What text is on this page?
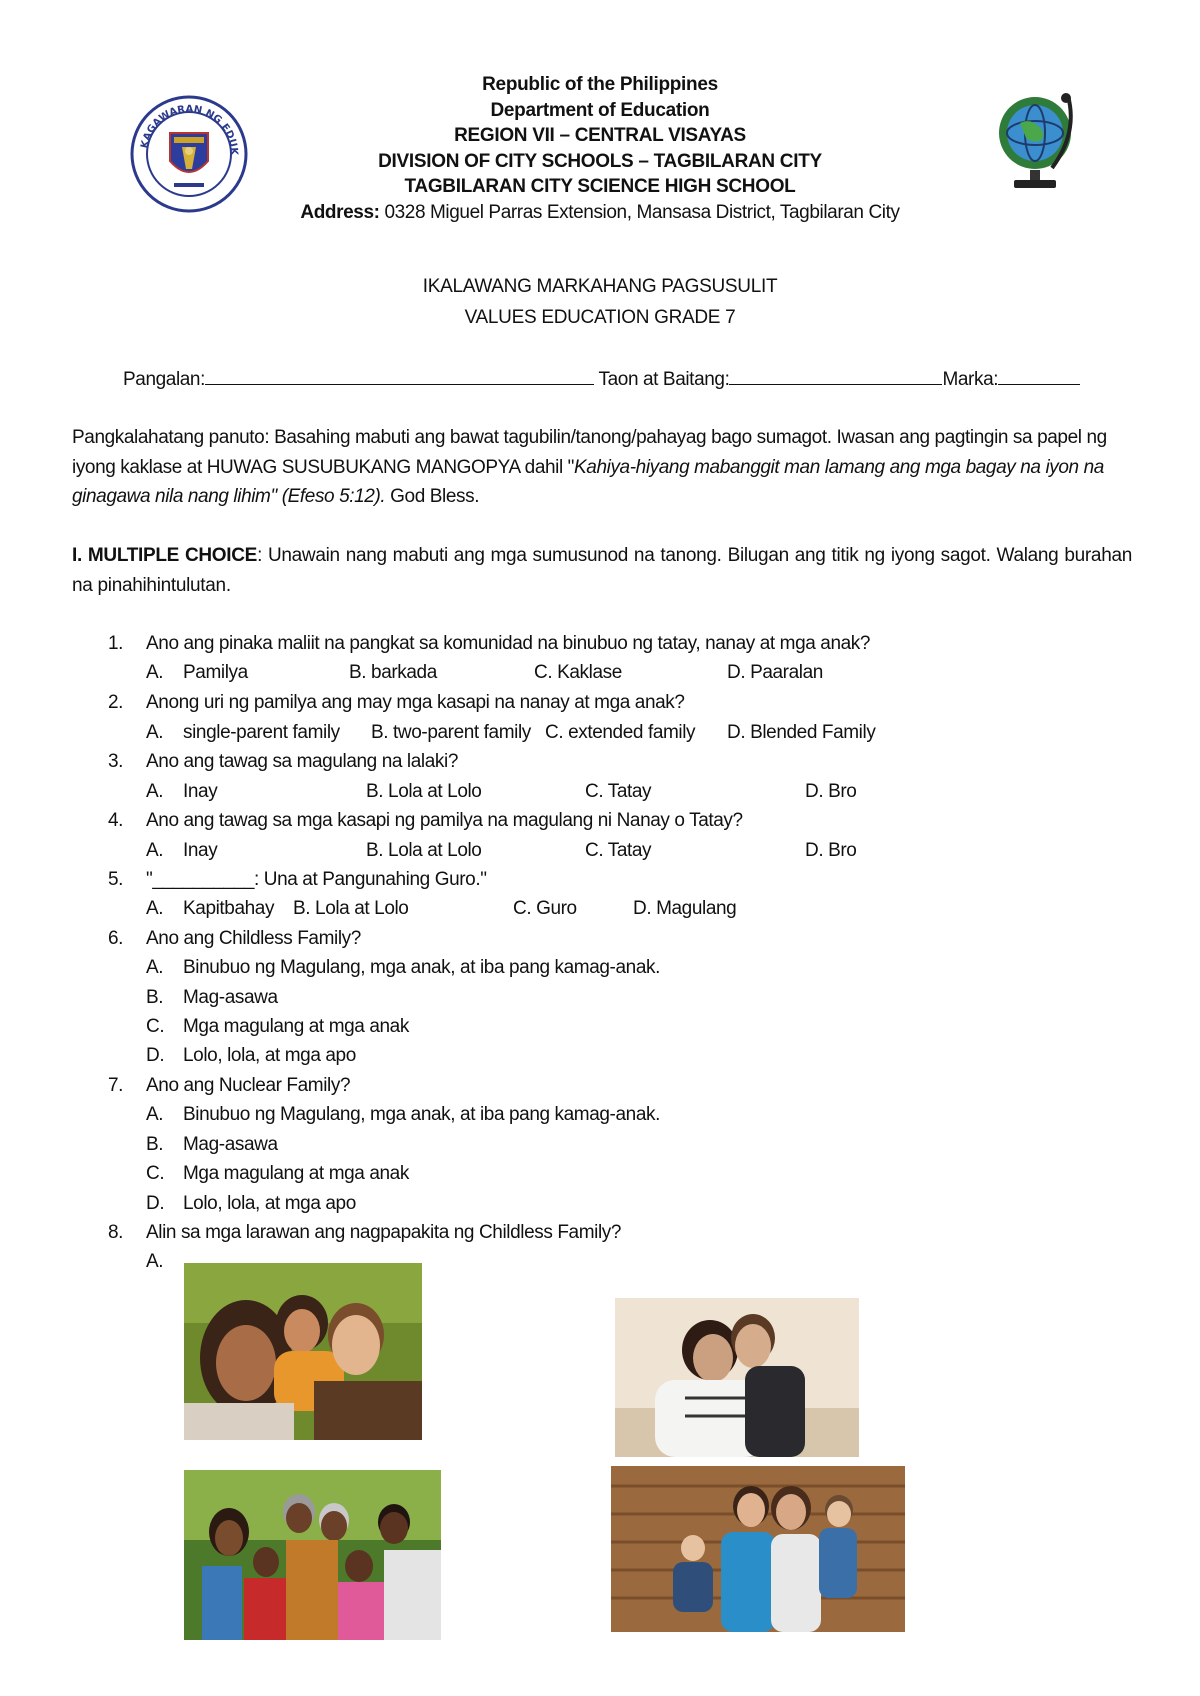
KAGAWARAN NG EDUK
Republic of the Philippines
Department of Education
REGION VII – CENTRAL VISAYAS
DIVISION OF CITY SCHOOLS – TAGBILARAN CITY
TAGBILARAN CITY SCIENCE HIGH SCHOOL
Address: 0328 Miguel Parras Extension, Mansasa District, Tagbilaran City
IKALAWANG MARKAHANG PAGSUSULIT
VALUES EDUCATION GRADE 7
Pangalan:	Taon at Baitang:	Marka:
Pangkalahatang panuto: Basahing mabuti ang bawat tagubilin/tanong/pahayag bago sumagot. Iwasan ang pagtingin sa papel ng iyong kaklase at HUWAG SUSUBUKANG MANGOPYA dahil "Kahiya-hiyang mabanggit man lamang ang mga bagay na iyon na ginagawa nila nang lihim" (Efeso 5:12). God Bless.
I. MULTIPLE CHOICE: Unawain nang mabuti ang mga sumusunod na tanong. Bilugan ang titik ng iyong sagot. Walang burahan na pinahihintulutan.
1. Ano ang pinaka maliit na pangkat sa komunidad na binubuo ng tatay, nanay at mga anak?
A. Pamilya	B. barkada	C. Kaklase	D. Paaralan
2. Anong uri ng pamilya ang may mga kasapi na nanay at mga anak?
A. single-parent family B. two-parent family C. extended family D. Blended Family
3. Ano ang tawag sa magulang na lalaki?
A. Inay	B. Lola at Lolo	C. Tatay	D. Bro
4. Ano ang tawag sa mga kasapi ng pamilya na magulang ni Nanay o Tatay?
A. Inay	B. Lola at Lolo	C. Tatay	D. Bro
5. "__________: Una at Pangunahing Guro."
A. Kapitbahay B. Lola at Lolo	C. Guro	D. Magulang
6. Ano ang Childless Family?
A. Binubuo ng Magulang, mga anak, at iba pang kamag-anak.
B. Mag-asawa
C. Mga magulang at mga anak
D. Lolo, lola, at mga apo
7. Ano ang Nuclear Family?
A. Binubuo ng Magulang, mga anak, at iba pang kamag-anak.
B. Mag-asawa
C. Mga magulang at mga anak
D. Lolo, lola, at mga apo
8. Alin sa mga larawan ang nagpapakita ng Childless Family?
A.
